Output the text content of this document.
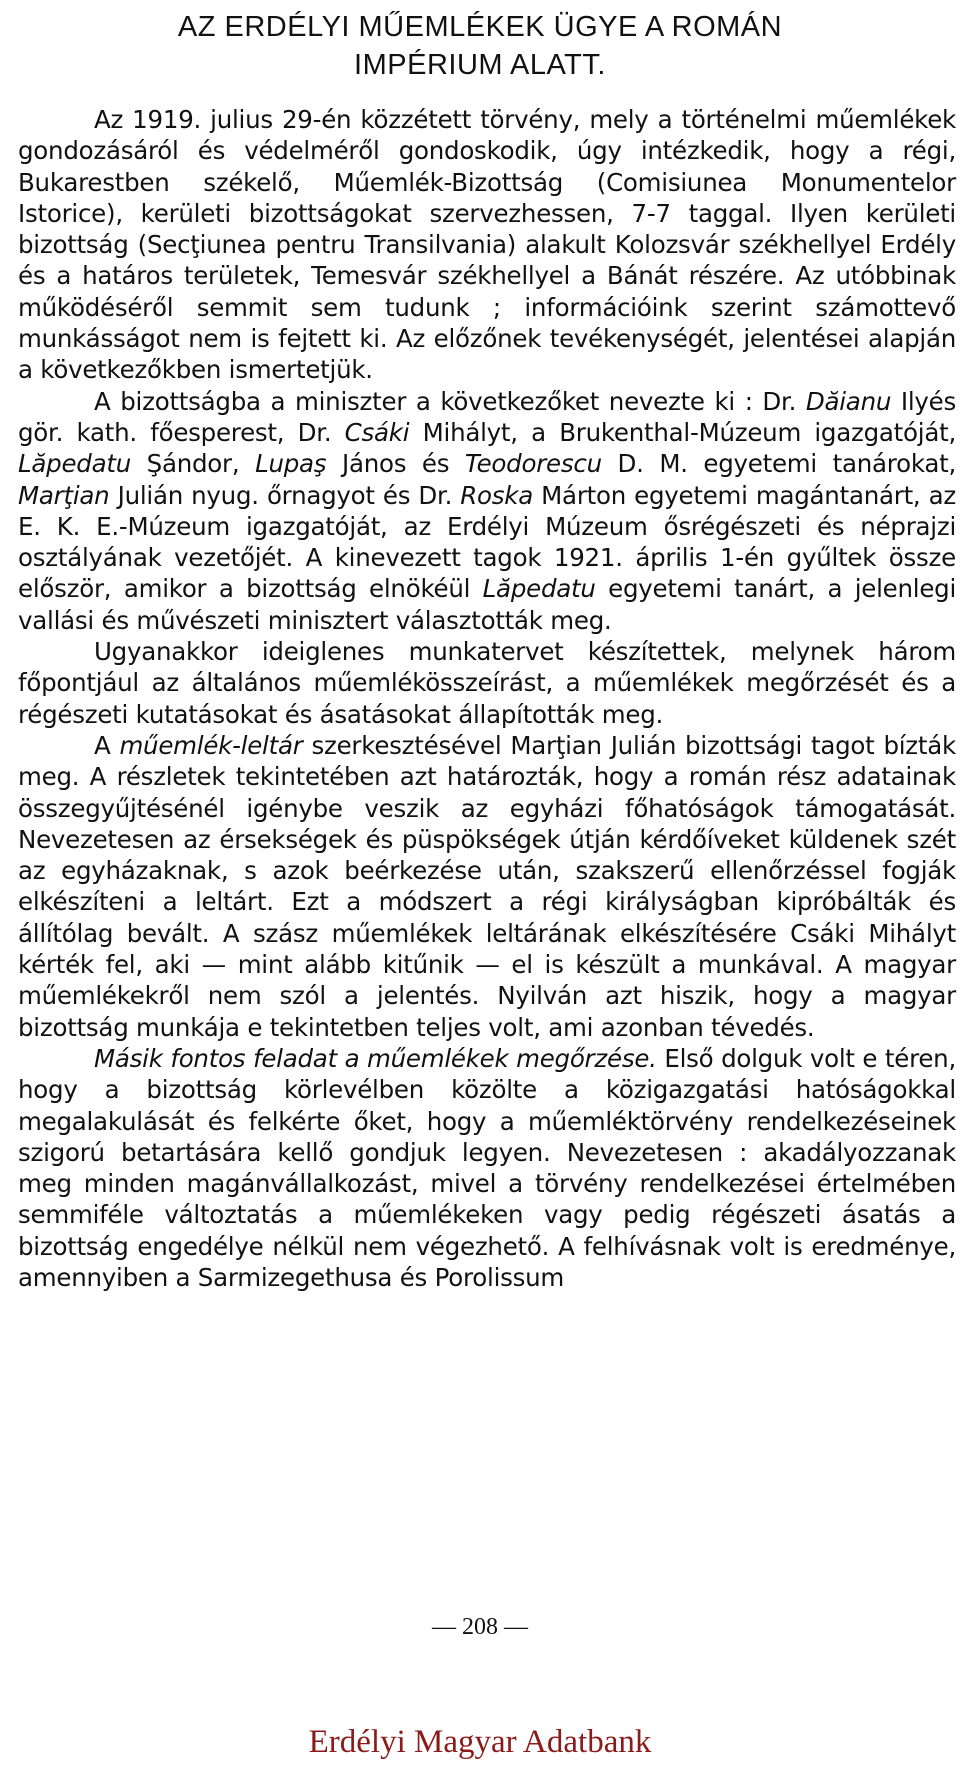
AZ ERDÉLYI MŰEMLÉKEK ÜGYE A ROMÁN
IMPÉRIUM ALATT.

Az 1919. julius 29-én közzétett törvény, mely a történelmi műemlékek gondozásáról és védelméről gondoskodik, úgy intézkedik, hogy a régi, Bukarestben székelő, Műemlék-Bizottság (Comisiunea Monumentelor Istorice), kerületi bizottságokat szervezhessen, 7-7 taggal. Ilyen kerületi bizottság (Secţiunea pentru Transilvania) alakult Kolozsvár székhellyel Erdély és a határos területek, Temesvár székhellyel a Bánát részére. Az utóbbinak működéséről semmit sem tudunk ; információink szerint számottevő munkásságot nem is fejtett ki. Az előzőnek tevékenységét, jelentései alapján a következőkben ismertetjük.

A bizottságba a miniszter a következőket nevezte ki : Dr. Dăianu Ilyés gör. kath. főesperest, Dr. Csáki Mihályt, a Brukenthal-Múzeum igazgatóját, Lăpedatu Şándor, Lupaş János és Teodorescu D. M. egyetemi tanárokat, Marţian Julián nyug. őrnagyot és Dr. Roska Márton egyetemi magántanárt, az E. K. E.-Múzeum igazgatóját, az Erdélyi Múzeum ősrégészeti és néprajzi osztályának vezetőjét. A kinevezett tagok 1921. április 1-én gyűltek össze először, amikor a bizottság elnökéül Lăpedatu egyetemi tanárt, a jelenlegi vallási és művészeti minisztert választották meg.

Ugyanakkor ideiglenes munkatervet készítettek, melynek három főpontjául az általános műemlékösszeírást, a műemlékek megőrzését és a régészeti kutatásokat és ásatásokat állapították meg.

A műemlék-leltár szerkesztésével Marţian Julián bizottsági tagot bízták meg. A részletek tekintetében azt határozták, hogy a román rész adatainak összegyűjtésénél igénybe veszik az egyházi főhatóságok támogatását. Nevezetesen az érsekségek és püspökségek útján kérdőíveket küldenek szét az egyházaknak, s azok beérkezése után, szakszerű ellenőrzéssel fogják elkészíteni a leltárt. Ezt a módszert a régi királyságban kipróbálták és állítólag bevált. A szász műemlékek leltárának elkészítésére Csáki Mihályt kérték fel, aki — mint alább kitűnik — el is készült a munkával. A magyar műemlékekről nem szól a jelentés. Nyilván azt hiszik, hogy a magyar bizottság munkája e tekintetben teljes volt, ami azonban tévedés.

Másik fontos feladat a műemlékek megőrzése. Első dolguk volt e téren, hogy a bizottság körlevélben közölte a közigazgatási hatóságokkal megalakulását és felkérte őket, hogy a műemléktörvény rendelkezéseinek szigorú betartására kellő gondjuk legyen. Nevezetesen : akadályozzanak meg minden magánvállalkozást, mivel a törvény rendelkezései értelmében semmiféle változtatás a műemlékeken vagy pedig régészeti ásatás a bizottság engedélye nélkül nem végezhető. A felhívásnak volt is eredménye, amennyiben a Sarmizegethusa és Porolissum

— 208 —
Erdélyi Magyar Adatbank
